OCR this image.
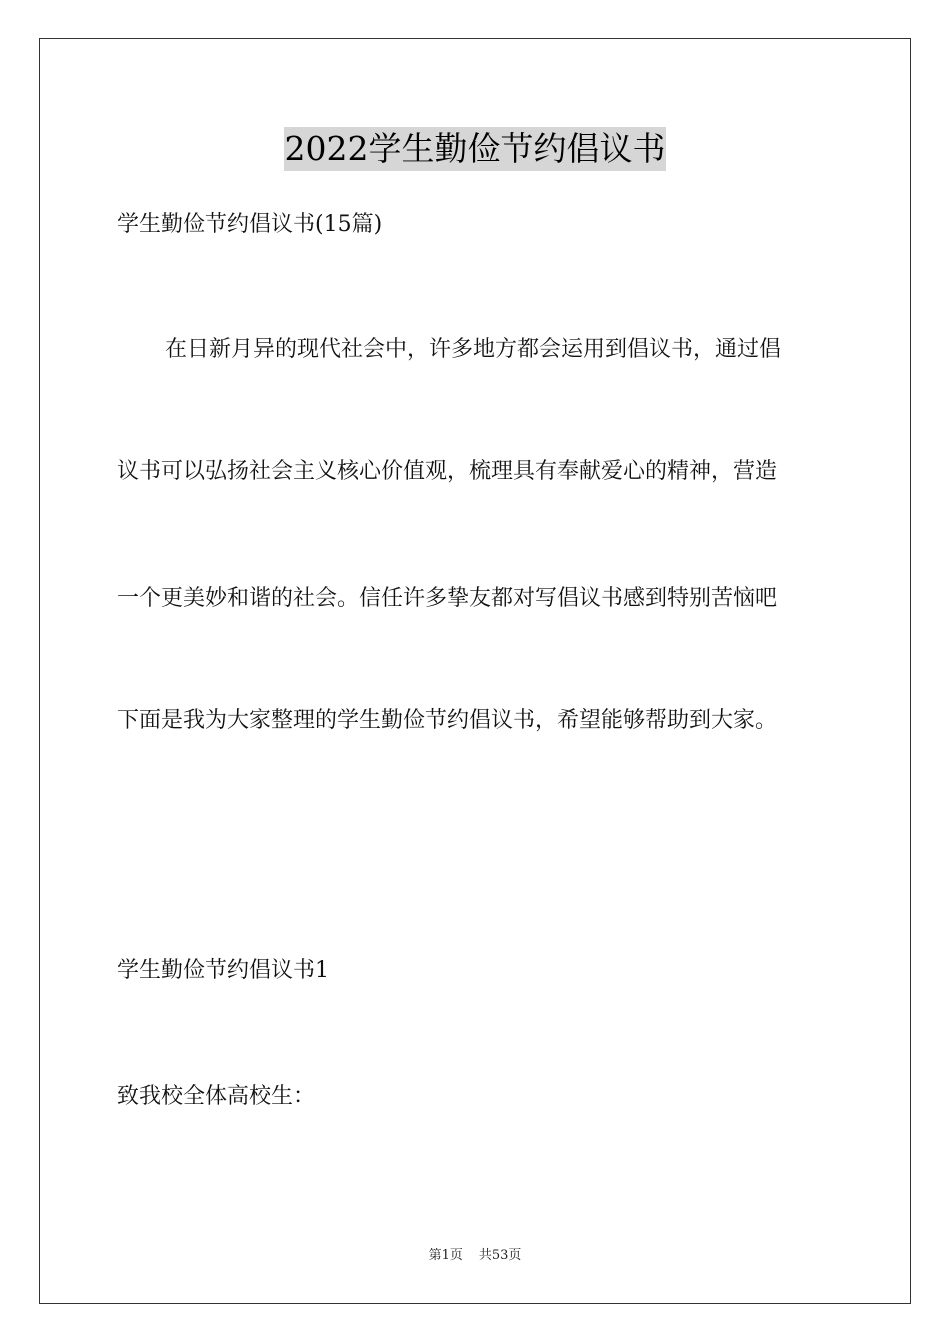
2022学生勤俭节约倡议书
学生勤俭节约倡议书(15篇)
在日新月异的现代社会中，许多地方都会运用到倡议书，通过倡
议书可以弘扬社会主义核心价值观，梳理具有奉献爱心的精神，营造
一个更美妙和谐的社会。信任许多挚友都对写倡议书感到特别苦恼吧
下面是我为大家整理的学生勤俭节约倡议书，希望能够帮助到大家。
学生勤俭节约倡议书1
致我校全体高校生：
第1页 共53页
